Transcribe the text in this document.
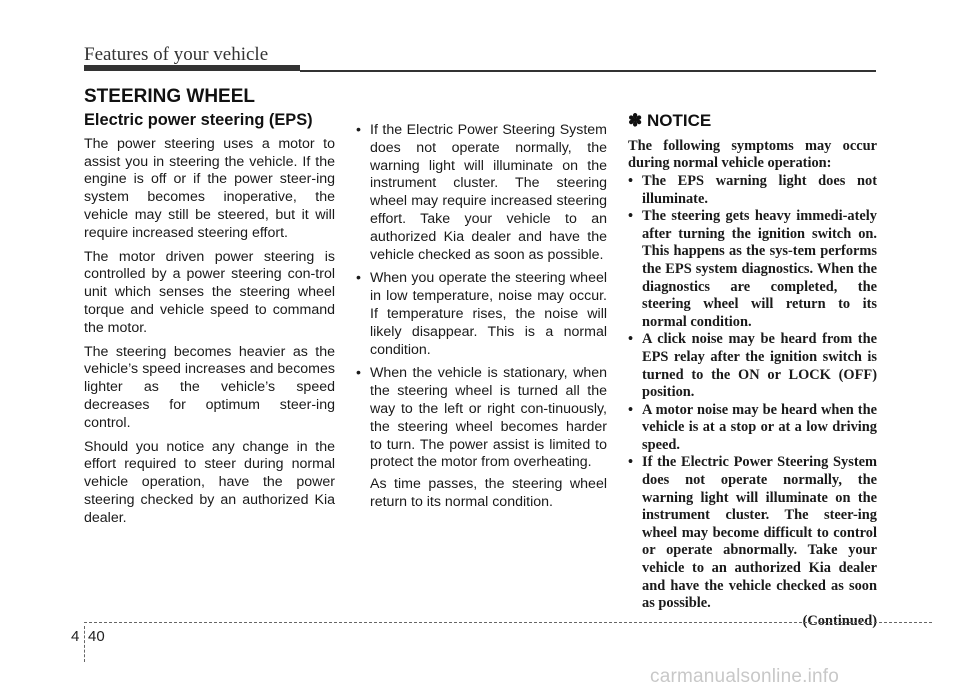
Features of your vehicle
STEERING WHEEL
Electric power steering (EPS)

The power steering uses a motor to assist you in steering the vehicle. If the engine is off or if the power steer-ing system becomes inoperative, the vehicle may still be steered, but it will require increased steering effort.

The motor driven power steering is controlled by a power steering con-trol unit which senses the steering wheel torque and vehicle speed to command the motor.

The steering becomes heavier as the vehicle’s speed increases and becomes lighter as the vehicle’s speed decreases for optimum steer-ing control.

Should you notice any change in the effort required to steer during normal vehicle operation, have the power steering checked by an authorized Kia dealer.

• If the Electric Power Steering System does not operate normally, the warning light will illuminate on the instrument cluster. The steering wheel may require increased steering effort. Take your vehicle to an authorized Kia dealer and have the vehicle checked as soon as possible.
• When you operate the steering wheel in low temperature, noise may occur. If temperature rises, the noise will likely disappear. This is a normal condition.
• When the vehicle is stationary, when the steering wheel is turned all the way to the left or right con-tinuously, the steering wheel becomes harder to turn. The power assist is limited to protect the motor from overheating.

As time passes, the steering wheel return to its normal condition.

✽ NOTICE

The following symptoms may occur during normal vehicle operation:

• The EPS warning light does not illuminate.
• The steering gets heavy immedi-ately after turning the ignition switch on. This happens as the sys-tem performs the EPS system diagnostics. When the diagnostics are completed, the steering wheel will return to its normal condition.
• A click noise may be heard from the EPS relay after the ignition switch is turned to the ON or LOCK (OFF) position.
• A motor noise may be heard when the vehicle is at a stop or at a low driving speed.
• If the Electric Power Steering System does not operate normally, the warning light will illuminate on the instrument cluster. The steer-ing wheel may become difficult to control or operate abnormally. Take your vehicle to an authorized Kia dealer and have the vehicle checked as soon as possible.
(Continued)
4 40
carmanualsonline.info
